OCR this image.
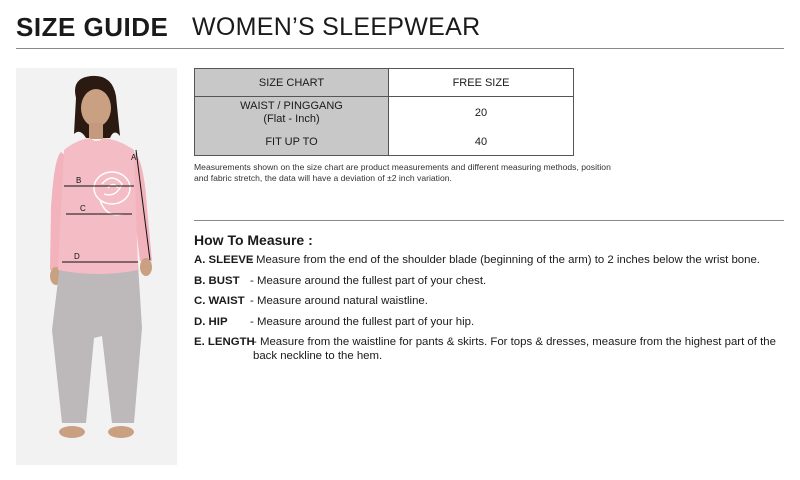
SIZE GUIDE WOMEN’S SLEEPWEAR
A
B
C
D
SIZE CHART	FREE SIZE

WAIST / PINGGANG
(Flat - Inch)	20
FIT UP TO	40
Measurements shown on the size chart are product measurements and different measuring methods, position and fabric stretch, the data will have a deviation of ±2 inch variation.
How To Measure :
A. SLEEVE
- Measure from the end of the shoulder blade (beginning of the arm) to 2 inches below the wrist bone.
B. BUST - Measure around the fullest part of your chest.
C. WAIST - Measure around natural waistline.
D. HIP	- Measure around the fullest part of your hip.
E. LENGTH
- Measure from the waistline for pants & skirts. For tops & dresses, measure from the highest part of the back neckline to the hem.
